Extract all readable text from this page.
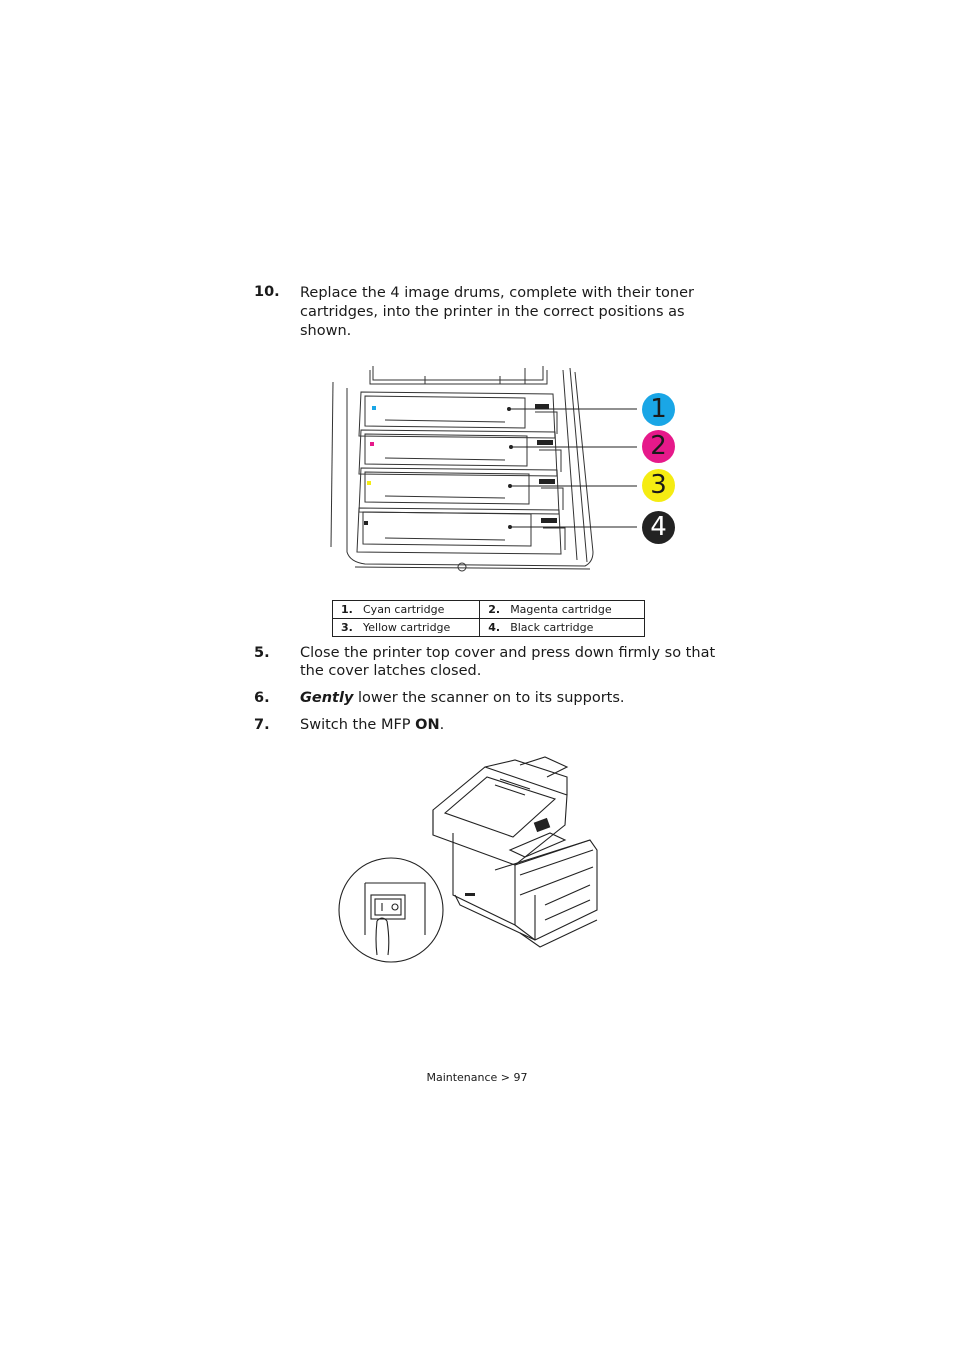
10. Replace the 4 image drums, complete with their toner cartridges, into the printer in the correct positions as shown.
1
2
3
4
1. Cyan cartridge	2. Magenta cartridge
3. Yellow cartridge	4. Black cartridge
5. Close the printer top cover and press down firmly so that the cover latches closed.
6. Gently lower the scanner on to its supports.
7. Switch the MFP ON.
Maintenance > 97
